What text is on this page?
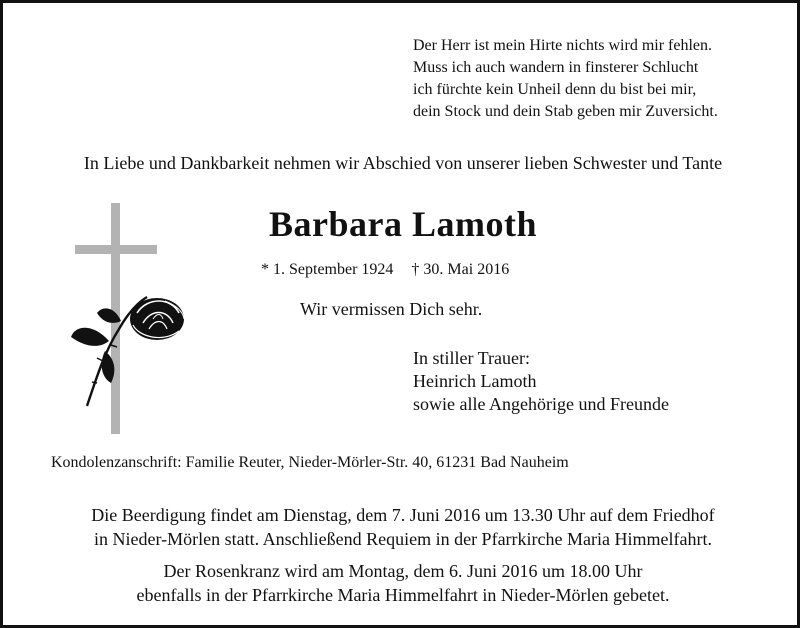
Der Herr ist mein Hirte nichts wird mir fehlen.
Muss ich auch wandern in finsterer Schlucht
ich fürchte kein Unheil denn du bist bei mir,
dein Stock und dein Stab geben mir Zuversicht.
In Liebe und Dankbarkeit nehmen wir Abschied von unserer lieben Schwester und Tante
Barbara Lamoth
* 1. September 1924 † 30. Mai 2016
Wir vermissen Dich sehr.
In stiller Trauer:
Heinrich Lamoth
sowie alle Angehörige und Freunde
Kondolenzanschrift: Familie Reuter, Nieder-Mörler-Str. 40, 61231 Bad Nauheim
Die Beerdigung findet am Dienstag, dem 7. Juni 2016 um 13.30 Uhr auf dem Friedhof
in Nieder-Mörlen statt. Anschließend Requiem in der Pfarrkirche Maria Himmelfahrt.
Der Rosenkranz wird am Montag, dem 6. Juni 2016 um 18.00 Uhr
ebenfalls in der Pfarrkirche Maria Himmelfahrt in Nieder-Mörlen gebetet.
